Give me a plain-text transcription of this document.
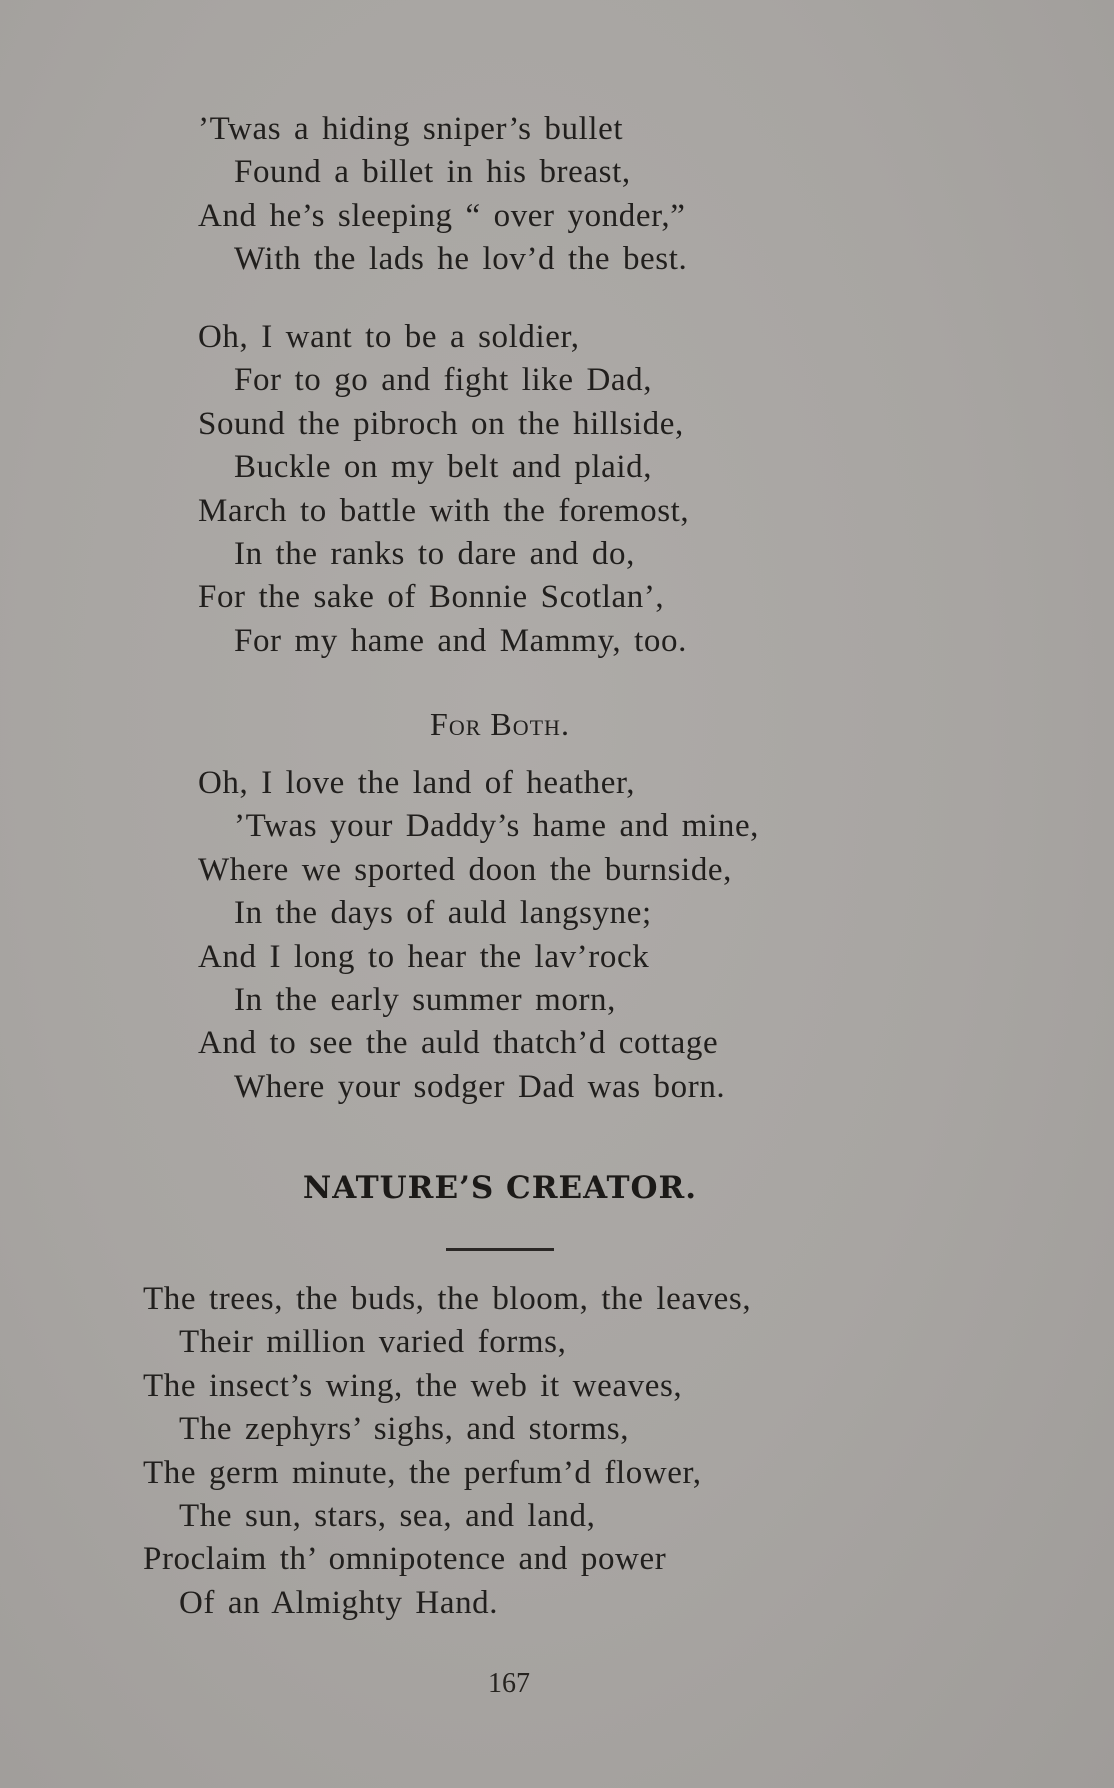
’Twas a hiding sniper’s bullet
Found a billet in his breast,
And he’s sleeping “ over yonder,”
With the lads he lov’d the best.
Oh, I want to be a soldier,
For to go and fight like Dad,
Sound the pibroch on the hillside,
Buckle on my belt and plaid,
March to battle with the foremost,
In the ranks to dare and do,
For the sake of Bonnie Scotlan’,
For my hame and Mammy, too.
For Both.
Oh, I love the land of heather,
’Twas your Daddy’s hame and mine,
Where we sported doon the burnside,
In the days of auld langsyne;
And I long to hear the lav’rock
In the early summer morn,
And to see the auld thatch’d cottage
Where your sodger Dad was born.
NATURE’S CREATOR.
The trees, the buds, the bloom, the leaves,
Their million varied forms,
The insect’s wing, the web it weaves,
The zephyrs’ sighs, and storms,
The germ minute, the perfum’d flower,
The sun, stars, sea, and land,
Proclaim th’ omnipotence and power
Of an Almighty Hand.
167
